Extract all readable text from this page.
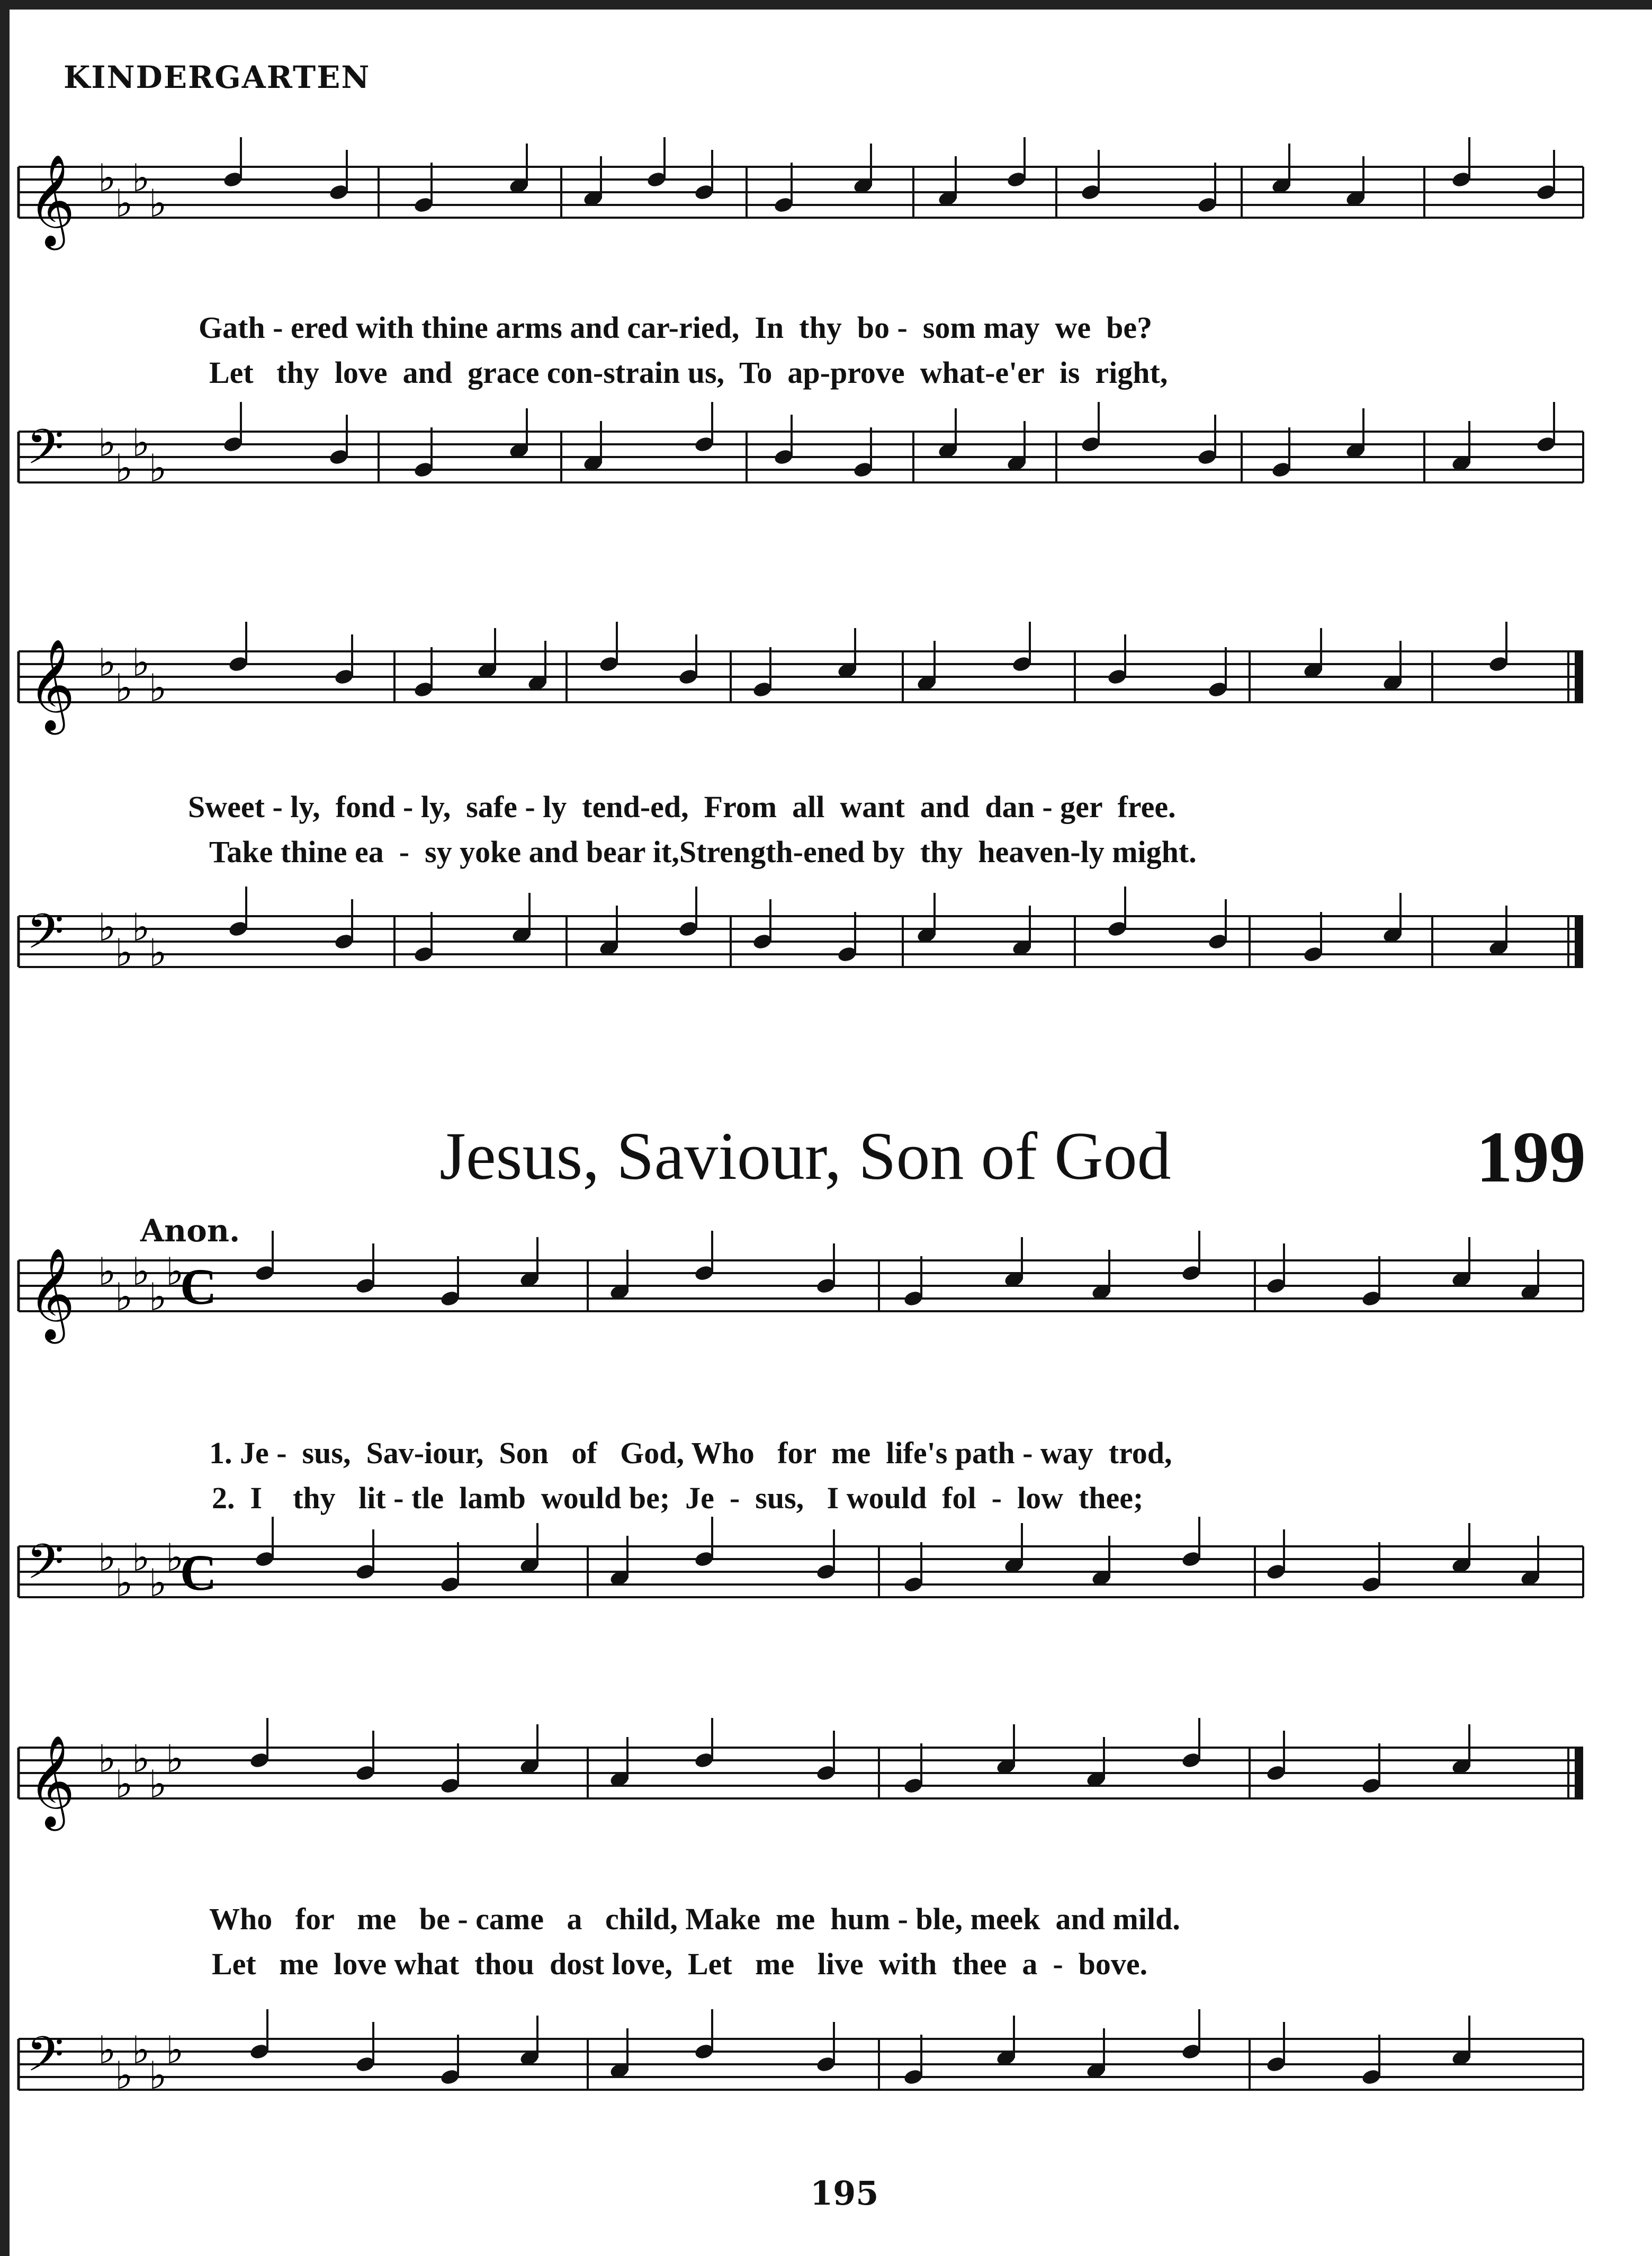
KINDERGARTEN
𝄞 ♭
♭
♭
♭
𝄢 ♭
♭
♭
♭
𝄞 ♭
♭
♭
♭
𝄢 ♭
♭
♭
♭
𝄞 ♭
♭
♭
♭
♭
C
𝄢 ♭
♭
♭
♭
♭
C
𝄞 ♭
♭
♭
♭
♭
𝄢 ♭
♭
♭
♭
♭
Gath - ered with thine arms and car-ried,  In  thy  bo -  som may  we  be?
Let   thy  love  and  grace con-strain us,  To  ap-prove  what-e'er  is  right,
Sweet - ly,  fond - ly,  safe - ly  tend-ed,  From  all  want  and  dan - ger  free.
Take thine ea  -  sy yoke and bear it,Strength-ened by  thy  heaven-ly might.
Jesus, Saviour, Son of God	199
Anon.
1. Je -  sus,  Sav-iour,  Son   of   God, Who   for  me  life's path - way  trod,
2.  I    thy   lit - tle  lamb  would be;  Je  -  sus,   I would  fol  -  low  thee;
Who   for   me   be - came   a   child, Make  me  hum - ble, meek  and mild.
Let   me  love what  thou  dost love,  Let   me   live  with  thee  a  -  bove.
195
